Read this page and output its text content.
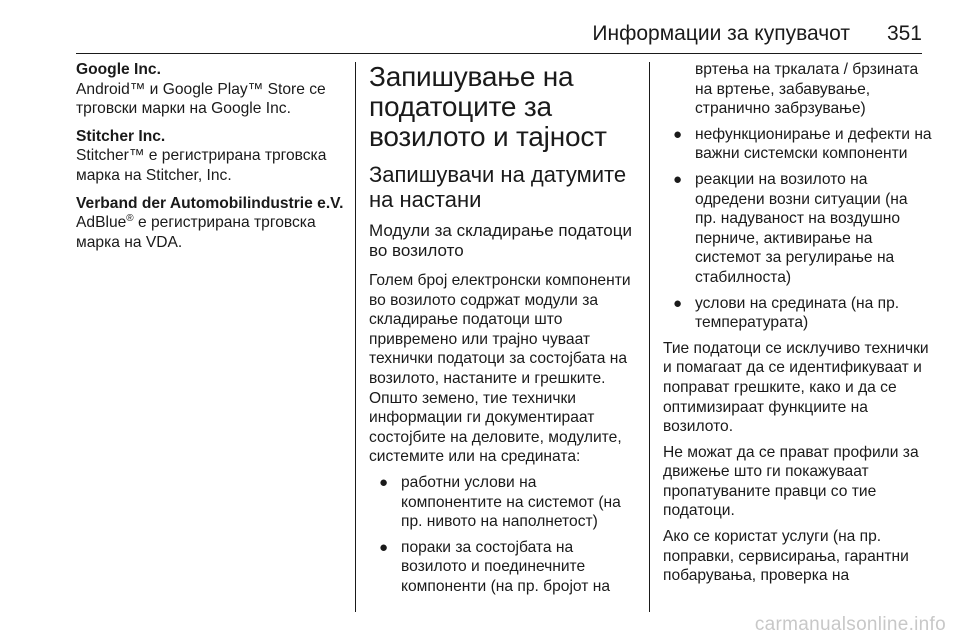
Информации за купувачот 351
Google Inc.
Android™ и Google Play™ Store се трговски марки на Google Inc.
Stitcher Inc.
Stitcher™ е регистрирана трговска марка на Stitcher, Inc.
Verband der Automobilindustrie e.V.
AdBlue® е регистрирана трговска марка на VDA.
Запишување на податоците за возилото и тајност
Запишувачи на датумите на настани
Модули за складирање податоци во возилото

Голем број електронски компоненти во возилото содржат модули за складирање податоци што привремено или трајно чуваат технички податоци за состојбата на возилото, настаните и грешките. Општо земено, тие технички информации ги документираат состојбите на деловите, модулите, системите или на средината:

● работни услови на компонентите на системот (на пр. нивото на наполнетост)
● пораки за состојбата на возилото и поединечните компоненти (на пр. бројот на
вртења на тркалата / брзината на вртење, забавување, странично забрзување)
● нефункционирање и дефекти на важни системски компоненти
● реакции на возилото на одредени возни ситуации (на пр. надуваност на воздушно перниче, активирање на системот за регулирање на стабилноста)
● услови на средината (на пр. температурата)

Тие податоци се исклучиво технички и помагаат да се идентификуваат и поправат грешките, како и да се оптимизираат функциите на возилото.

Не можат да се прават профили за движење што ги покажуваат пропатуваните правци со тие податоци.

Ако се користат услуги (на пр. поправки, сервисирања, гарантни побарувања, проверка на

carmanualsonline.info
